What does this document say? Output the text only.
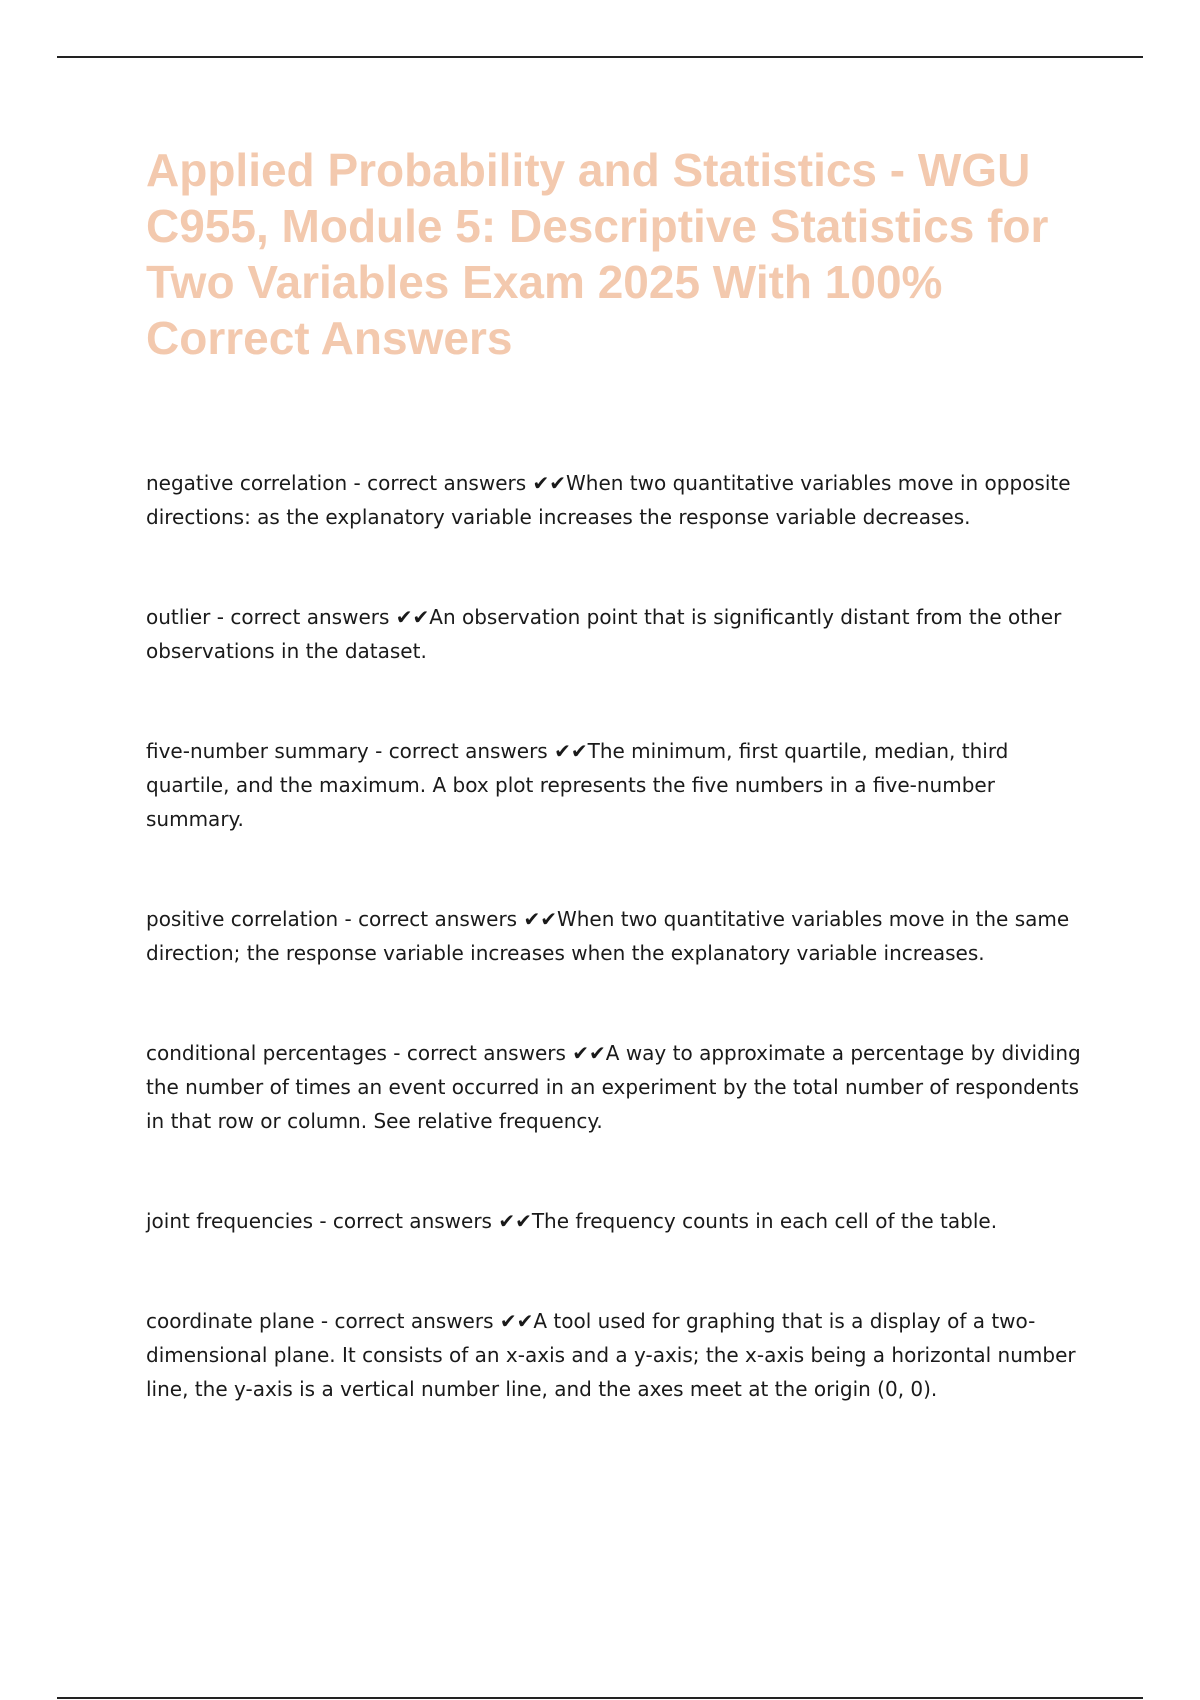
Applied Probability and Statistics - WGU C955, Module 5: Descriptive Statistics for Two Variables Exam 2025 With 100% Correct Answers

negative correlation - correct answers ✔✔When two quantitative variables move in opposite directions: as the explanatory variable increases the response variable decreases.

outlier - correct answers ✔✔An observation point that is significantly distant from the other observations in the dataset.

five-number summary - correct answers ✔✔The minimum, first quartile, median, third quartile, and the maximum. A box plot represents the five numbers in a five-number summary.

positive correlation - correct answers ✔✔When two quantitative variables move in the same direction; the response variable increases when the explanatory variable increases.

conditional percentages - correct answers ✔✔A way to approximate a percentage by dividing the number of times an event occurred in an experiment by the total number of respondents in that row or column. See relative frequency.

joint frequencies - correct answers ✔✔The frequency counts in each cell of the table.

coordinate plane - correct answers ✔✔A tool used for graphing that is a display of a two-dimensional plane. It consists of an x-axis and a y-axis; the x-axis being a horizontal number line, the y-axis is a vertical number line, and the axes meet at the origin (0, 0).
